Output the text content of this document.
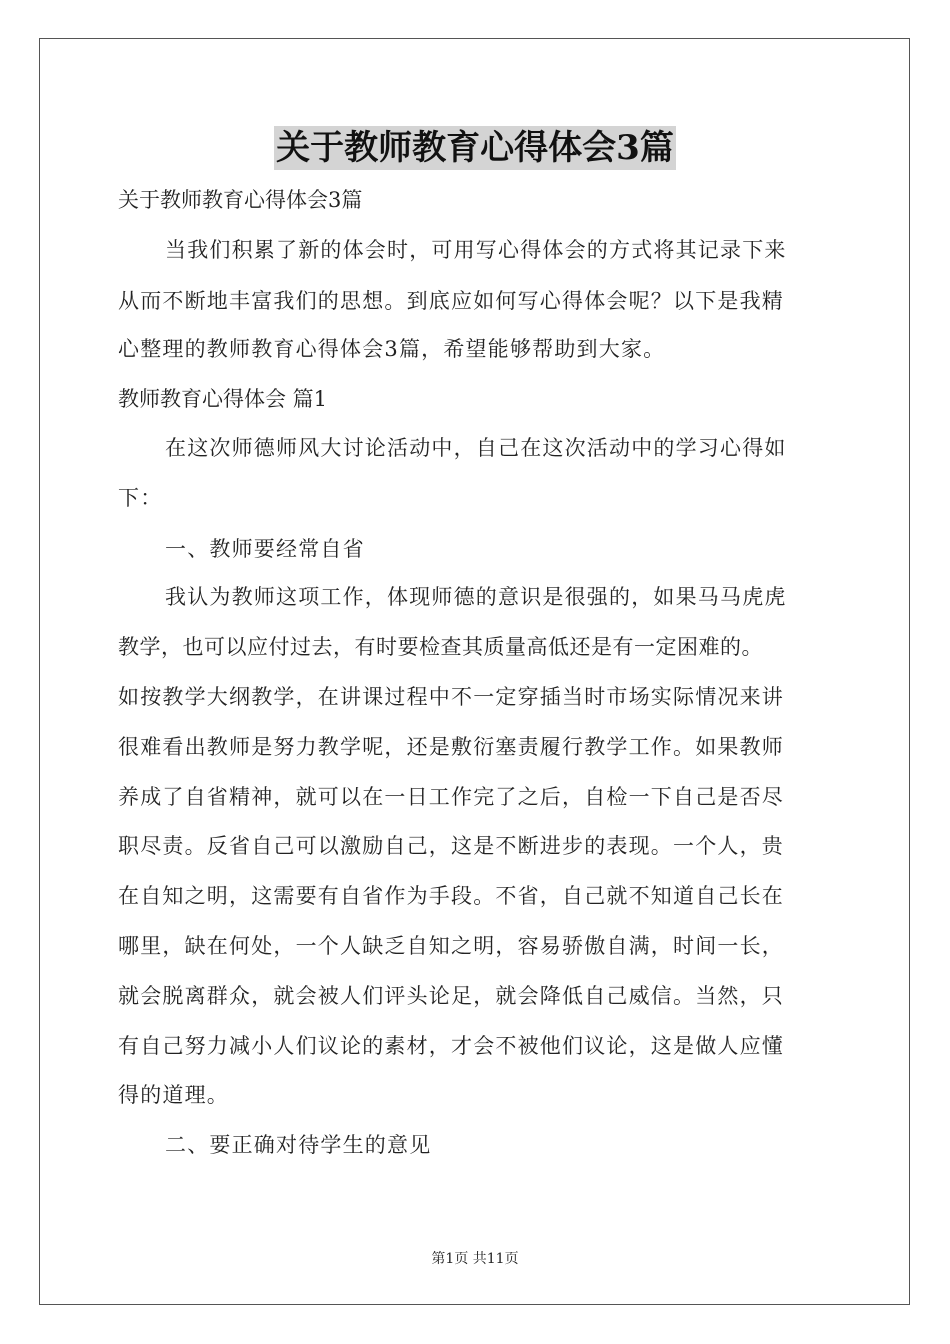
关于教师教育心得体会3篇
关于教师教育心得体会3篇
当我们积累了新的体会时，可用写心得体会的方式将其记录下来
从而不断地丰富我们的思想。到底应如何写心得体会呢？以下是我精
心整理的教师教育心得体会3篇，希望能够帮助到大家。
教师教育心得体会 篇1
在这次师德师风大讨论活动中，自己在这次活动中的学习心得如
下：
一、教师要经常自省
我认为教师这项工作，体现师德的意识是很强的，如果马马虎虎
教学，也可以应付过去，有时要检查其质量高低还是有一定困难的。
如按教学大纲教学，在讲课过程中不一定穿插当时市场实际情况来讲
很难看出教师是努力教学呢，还是敷衍塞责履行教学工作。如果教师
养成了自省精神，就可以在一日工作完了之后，自检一下自己是否尽
职尽责。反省自己可以激励自己，这是不断进步的表现。一个人，贵
在自知之明，这需要有自省作为手段。不省，自己就不知道自己长在
哪里，缺在何处，一个人缺乏自知之明，容易骄傲自满，时间一长，
就会脱离群众，就会被人们评头论足，就会降低自己威信。当然，只
有自己努力减小人们议论的素材，才会不被他们议论，这是做人应懂
得的道理。
二、要正确对待学生的意见
第1页 共11页
